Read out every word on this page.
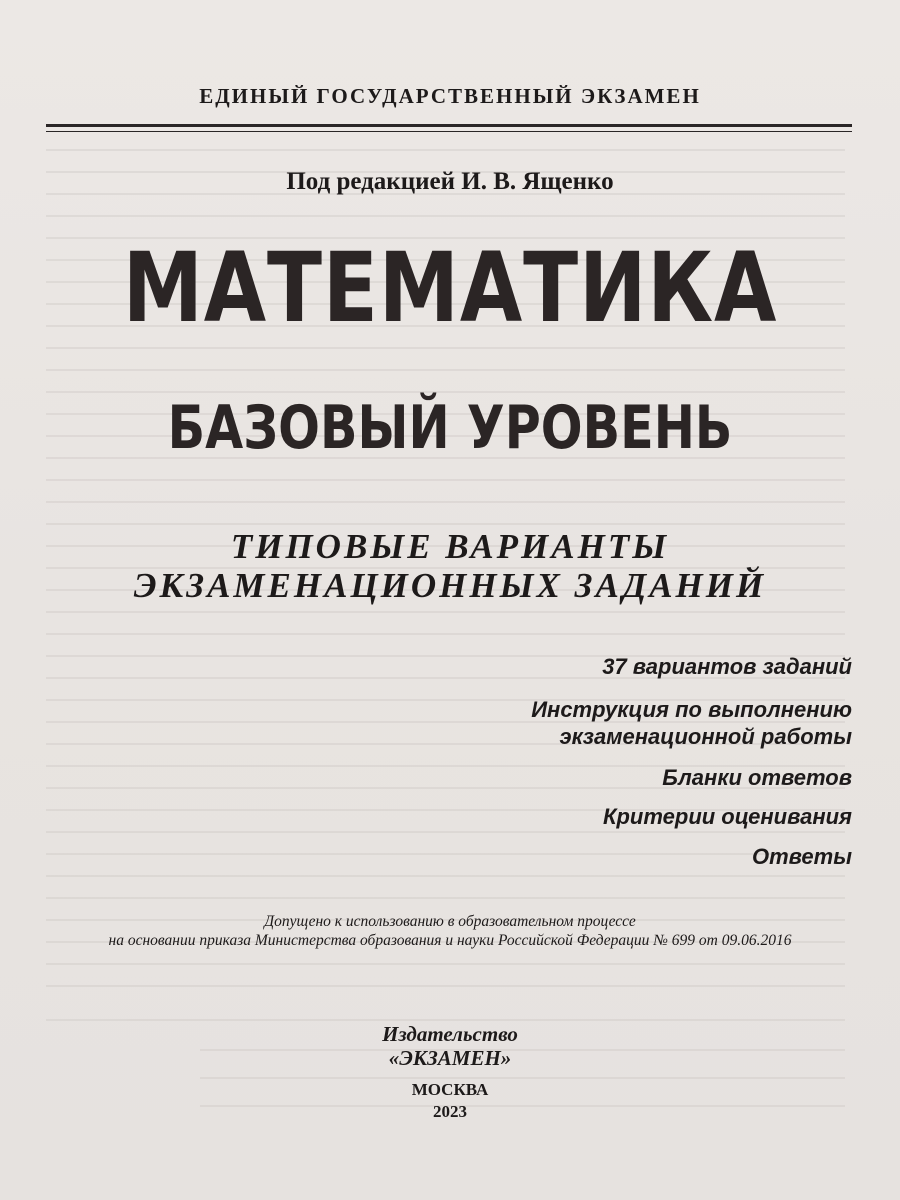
ЕДИНЫЙ ГОСУДАРСТВЕННЫЙ ЭКЗАМЕН
Под редакцией И. В. Ященко
МАТЕМАТИКА
БАЗОВЫЙ УРОВЕНЬ
ТИПОВЫЕ ВАРИАНТЫ
ЭКЗАМЕНАЦИОННЫХ ЗАДАНИЙ
37 вариантов заданий
Инструкция по выполнению
экзаменационной работы
Бланки ответов
Критерии оценивания
Ответы
Допущено к использованию в образовательном процессе
на основании приказа Министерства образования и науки Российской Федерации № 699 от 09.06.2016
Издательство
«ЭКЗАМЕН»
МОСКВА
2023
